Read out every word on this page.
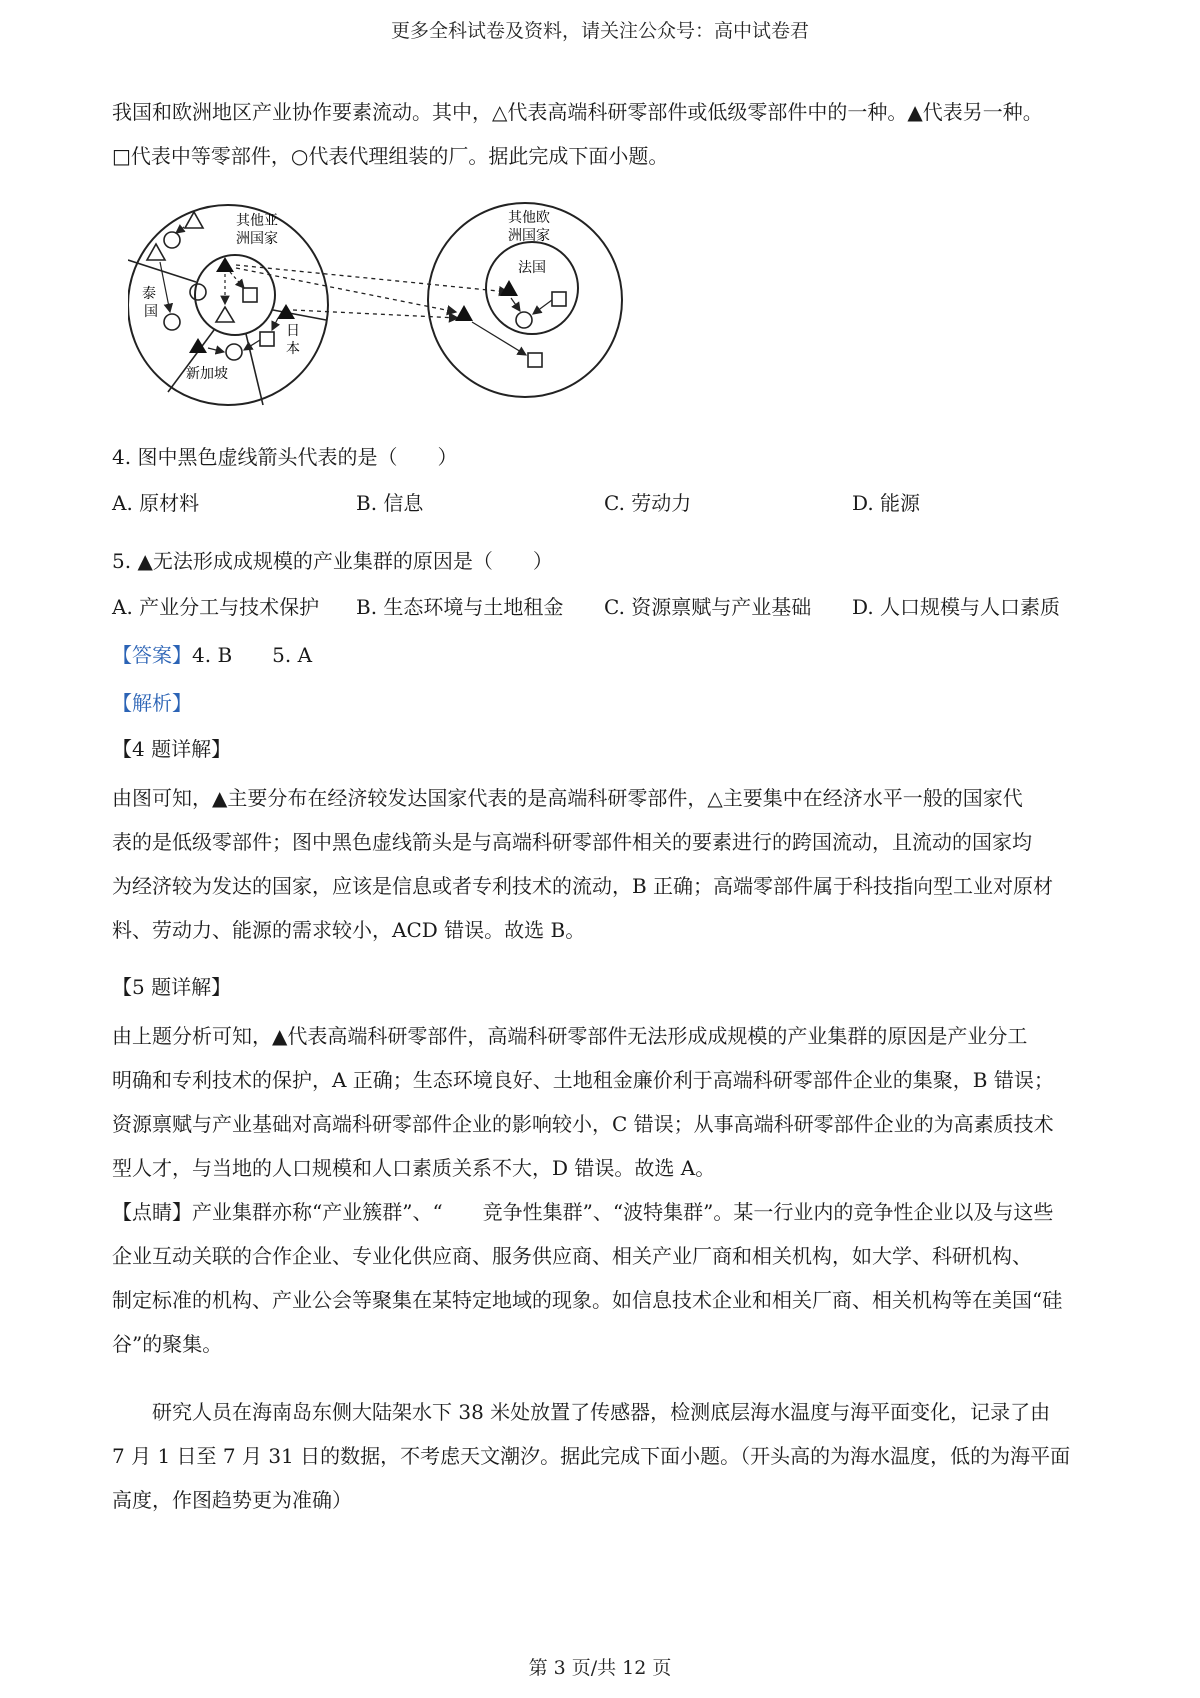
更多全科试卷及资料，请关注公众号：高中试卷君
我国和欧洲地区产业协作要素流动。其中，△代表高端科研零部件或低级零部件中的一种。▲代表另一种。
□代表中等零部件，○代表代理组装的厂。据此完成下面小题。
其他亚
洲国家
泰
国
日
本
新加坡
其他欧
洲国家
法国
4. 图中黑色虚线箭头代表的是（　　）
A. 原材料	B. 信息	C. 劳动力	D. 能源
5. ▲无法形成成规模的产业集群的原因是（　　）
A. 产业分工与技术保护 B. 生态环境与土地租金 C. 资源禀赋与产业基础 D. 人口规模与人口素质
【答案】4. B　　5. A
【解析】
【4 题详解】
由图可知，▲主要分布在经济较发达国家代表的是高端科研零部件，△主要集中在经济水平一般的国家代
表的是低级零部件；图中黑色虚线箭头是与高端科研零部件相关的要素进行的跨国流动，且流动的国家均
为经济较为发达的国家，应该是信息或者专利技术的流动，B 正确；高端零部件属于科技指向型工业对原材
料、劳动力、能源的需求较小，ACD 错误。故选 B。
【5 题详解】
由上题分析可知，▲代表高端科研零部件，高端科研零部件无法形成成规模的产业集群的原因是产业分工
明确和专利技术的保护，A 正确；生态环境良好、土地租金廉价利于高端科研零部件企业的集聚，B 错误；
资源禀赋与产业基础对高端科研零部件企业的影响较小，C 错误；从事高端科研零部件企业的为高素质技术
型人才，与当地的人口规模和人口素质关系不大，D 错误。故选 A。
【点睛】产业集群亦称“产业簇群”、“　　竞争性集群”、“波特集群”。某一行业内的竞争性企业以及与这些
企业互动关联的合作企业、专业化供应商、服务供应商、相关产业厂商和相关机构，如大学、科研机构、
制定标准的机构、产业公会等聚集在某特定地域的现象。如信息技术企业和相关厂商、相关机构等在美国“硅
谷”的聚集。
　　研究人员在海南岛东侧大陆架水下 38 米处放置了传感器，检测底层海水温度与海平面变化，记录了由
7 月 1 日至 7 月 31 日的数据，不考虑天文潮汐。据此完成下面小题。（开头高的为海水温度，低的为海平面
高度，作图趋势更为准确）
第 3 页/共 12 页
